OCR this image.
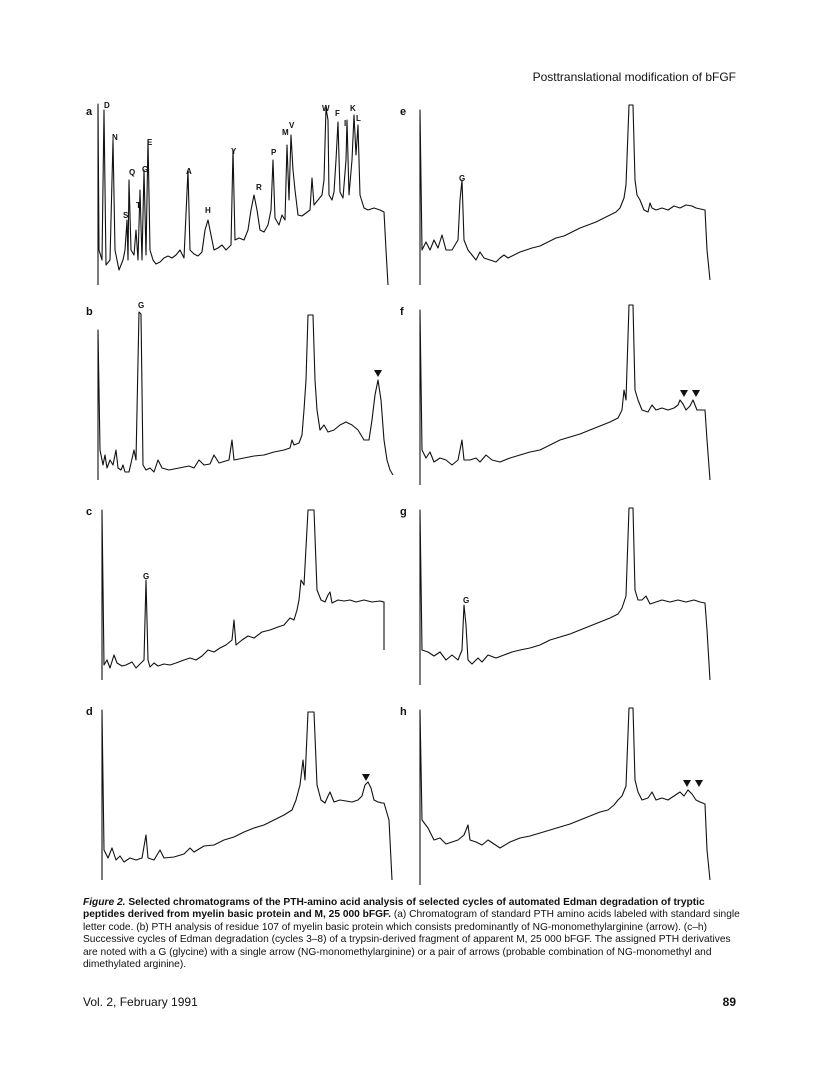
Posttranslational modification of bFGF
a
D
N
Q
S
T
G
E
A
H
Y
R
P
M
V
W
F
I
K
L
b
G
c
G
d
e
G
f
g
G
h
Figure 2. Selected chromatograms of the PTH-amino acid analysis of selected cycles of automated Edman degradation of tryptic peptides derived from myelin basic protein and M, 25 000 bFGF. (a) Chromatogram of standard PTH amino acids labeled with standard single letter code. (b) PTH analysis of residue 107 of myelin basic protein which consists predominantly of NG-monomethylarginine (arrow). (c–h) Successive cycles of Edman degradation (cycles 3–8) of a trypsin-derived fragment of apparent M, 25 000 bFGF. The assigned PTH derivatives are noted with a G (glycine) with a single arrow (NG-monomethylarginine) or a pair of arrows (probable combination of NG-monomethyl and dimethylated arginine).
Vol. 2, February 1991	89
